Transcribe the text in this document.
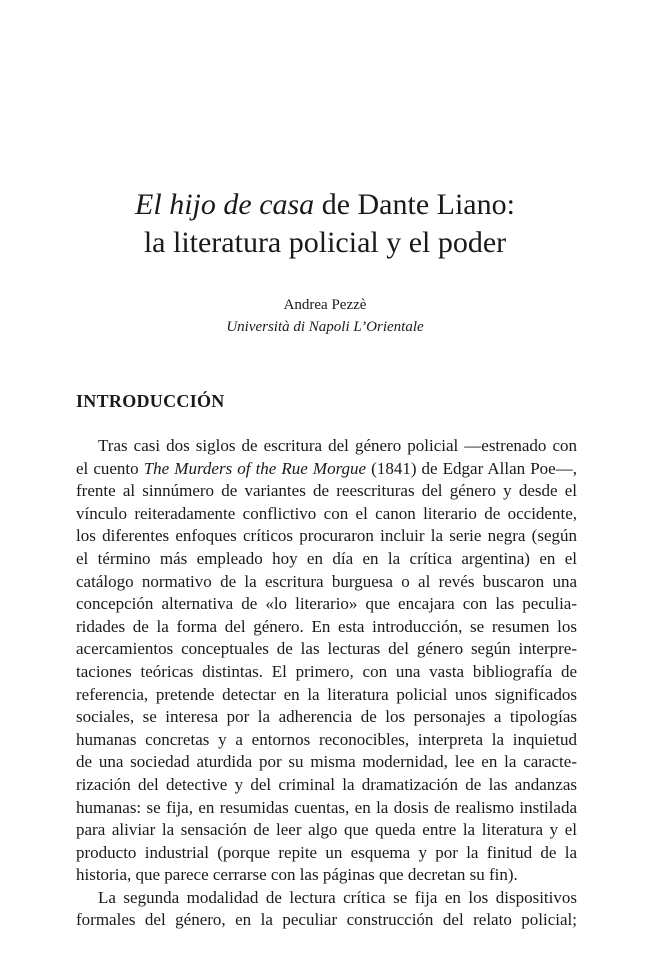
El hijo de casa de Dante Liano:
la literatura policial y el poder
Andrea Pezzè
Università di Napoli L’Orientale
INTRODUCCIÓN
Tras casi dos siglos de escritura del género policial —estrenado con
el cuento The Murders of the Rue Morgue (1841) de Edgar Allan Poe—,
frente al sinnúmero de variantes de reescrituras del género y desde el
vínculo reiteradamente conflictivo con el canon literario de occidente,
los diferentes enfoques críticos procuraron incluir la serie negra (según
el término más empleado hoy en día en la crítica argentina) en el
catálogo normativo de la escritura burguesa o al revés buscaron una
concepción alternativa de «lo literario» que encajara con las peculia-
ridades de la forma del género. En esta introducción, se resumen los
acercamientos conceptuales de las lecturas del género según interpre-
taciones teóricas distintas. El primero, con una vasta bibliografía de
referencia, pretende detectar en la literatura policial unos significados
sociales, se interesa por la adherencia de los personajes a tipologías
humanas concretas y a entornos reconocibles, interpreta la inquietud
de una sociedad aturdida por su misma modernidad, lee en la caracte-
rización del detective y del criminal la dramatización de las andanzas
humanas: se fija, en resumidas cuentas, en la dosis de realismo instilada
para aliviar la sensación de leer algo que queda entre la literatura y el
producto industrial (porque repite un esquema y por la finitud de la
historia, que parece cerrarse con las páginas que decretan su fin).
La segunda modalidad de lectura crítica se fija en los dispositivos
formales del género, en la peculiar construcción del relato policial;
